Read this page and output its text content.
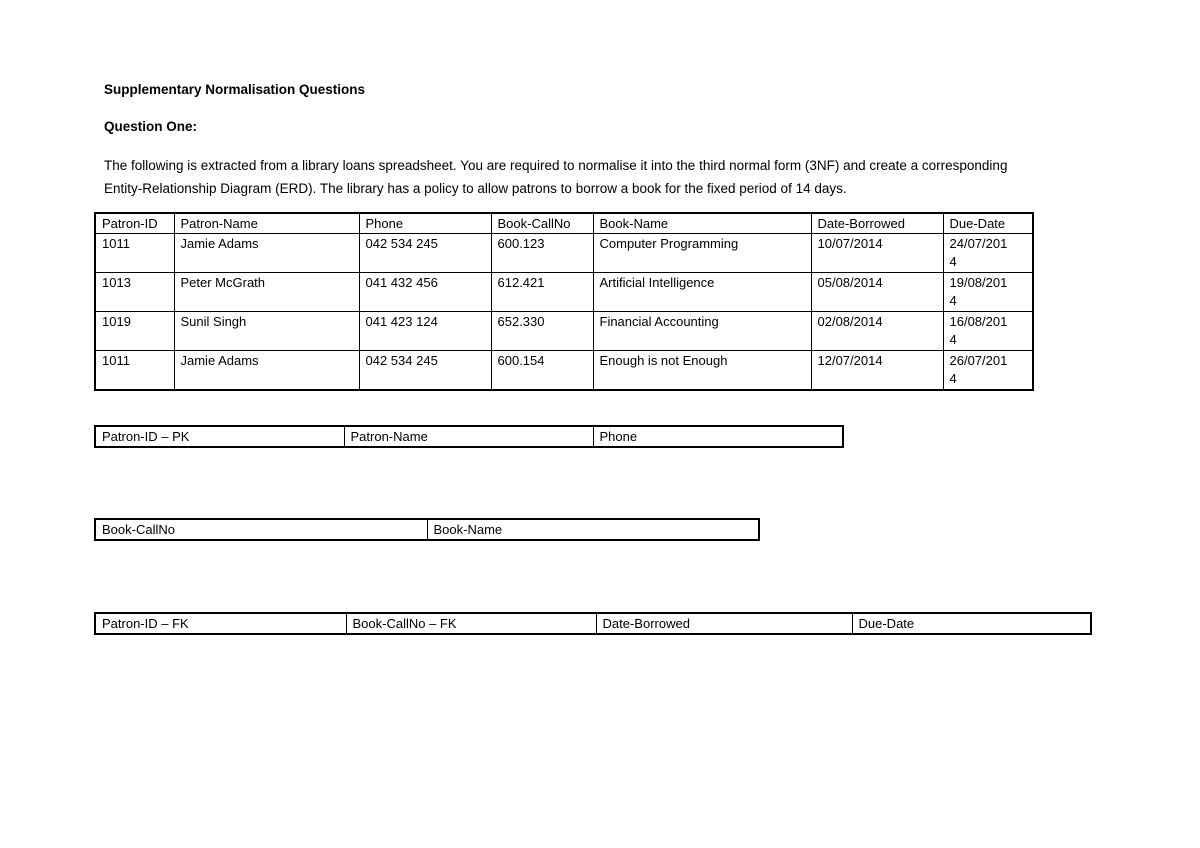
Supplementary Normalisation Questions
Question One:

The following is extracted from a library loans spreadsheet. You are required to normalise it into the third normal form (3NF) and create a corresponding

Entity-Relationship Diagram (ERD). The library has a policy to allow patrons to borrow a book for the fixed period of 14 days.

Patron-ID	Patron-Name	Phone	Book-CallNo	Book-Name	Date-Borrowed	Due-Date
1011	Jamie Adams	042 534 245	600.123	Computer Programming	10/07/2014	24/07/201
4
1013	Peter McGrath	041 432 456	612.421	Artificial Intelligence	05/08/2014	19/08/201
4
1019	Sunil Singh	041 423 124	652.330	Financial Accounting	02/08/2014	16/08/201
4
1011	Jamie Adams	042 534 245	600.154	Enough is not Enough	12/07/2014	26/07/201
4
Patron-ID – PK	Patron-Name	Phone
Book-CallNo	Book-Name
Patron-ID – FK	Book-CallNo – FK	Date-Borrowed	Due-Date
